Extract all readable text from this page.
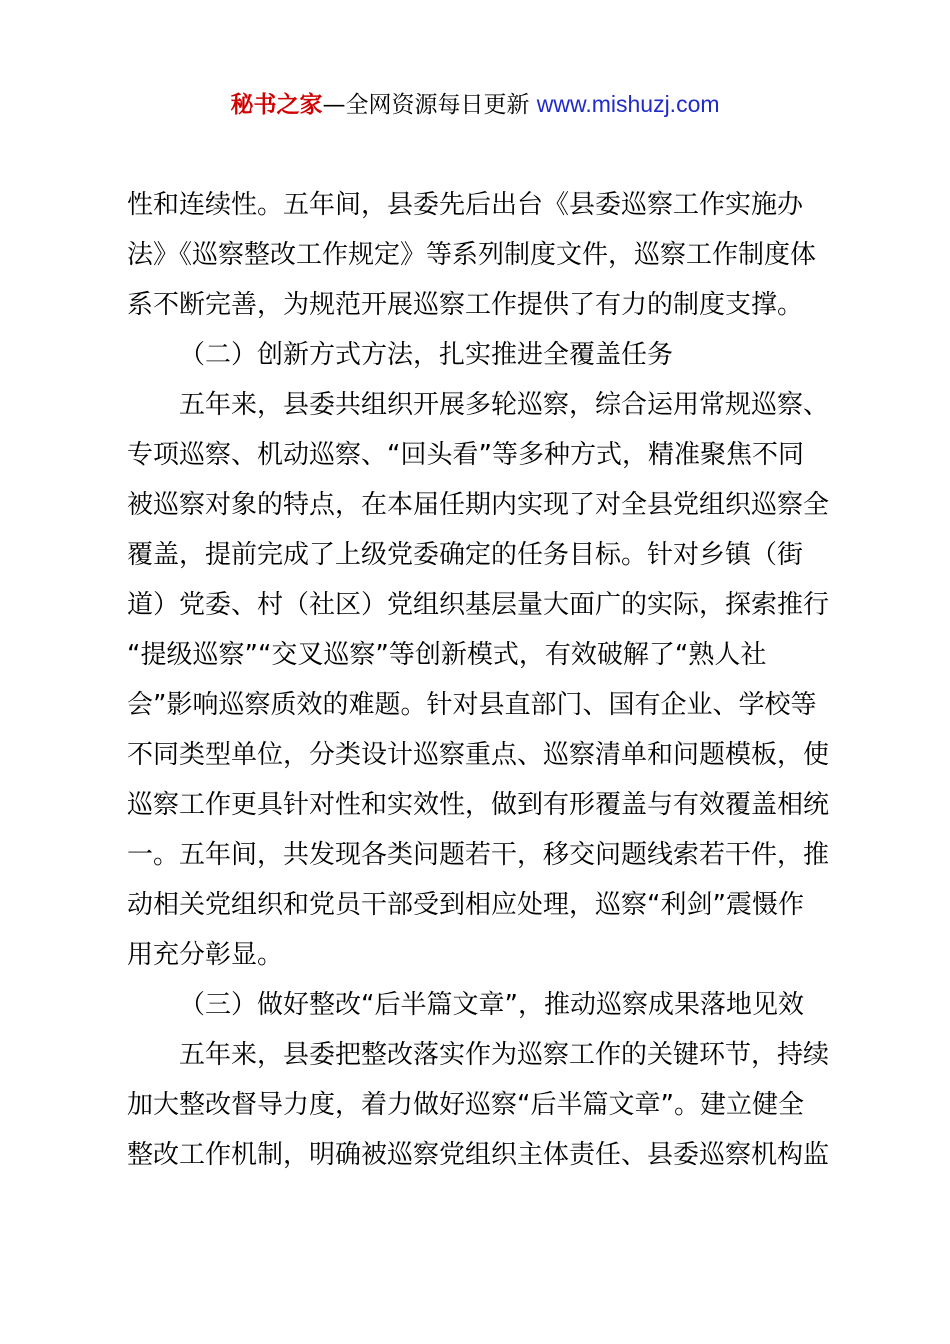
秘书之家—全网资源每日更新 www.mishuzj.com
性和连续性。五年间，县委先后出台《县委巡察工作实施办
法》《巡察整改工作规定》等系列制度文件，巡察工作制度体
系不断完善，为规范开展巡察工作提供了有力的制度支撑。
（二）创新方式方法，扎实推进全覆盖任务
五年来，县委共组织开展多轮巡察，综合运用常规巡察、
专项巡察、机动巡察、“回头看”等多种方式，精准聚焦不同
被巡察对象的特点，在本届任期内实现了对全县党组织巡察全
覆盖，提前完成了上级党委确定的任务目标。针对乡镇（街
道）党委、村（社区）党组织基层量大面广的实际，探索推行
“提级巡察”“交叉巡察”等创新模式，有效破解了“熟人社
会”影响巡察质效的难题。针对县直部门、国有企业、学校等
不同类型单位，分类设计巡察重点、巡察清单和问题模板，使
巡察工作更具针对性和实效性，做到有形覆盖与有效覆盖相统
一。五年间，共发现各类问题若干，移交问题线索若干件，推
动相关党组织和党员干部受到相应处理，巡察“利剑”震慑作
用充分彰显。
（三）做好整改“后半篇文章”，推动巡察成果落地见效
五年来，县委把整改落实作为巡察工作的关键环节，持续
加大整改督导力度，着力做好巡察“后半篇文章”。建立健全
整改工作机制，明确被巡察党组织主体责任、县委巡察机构监
